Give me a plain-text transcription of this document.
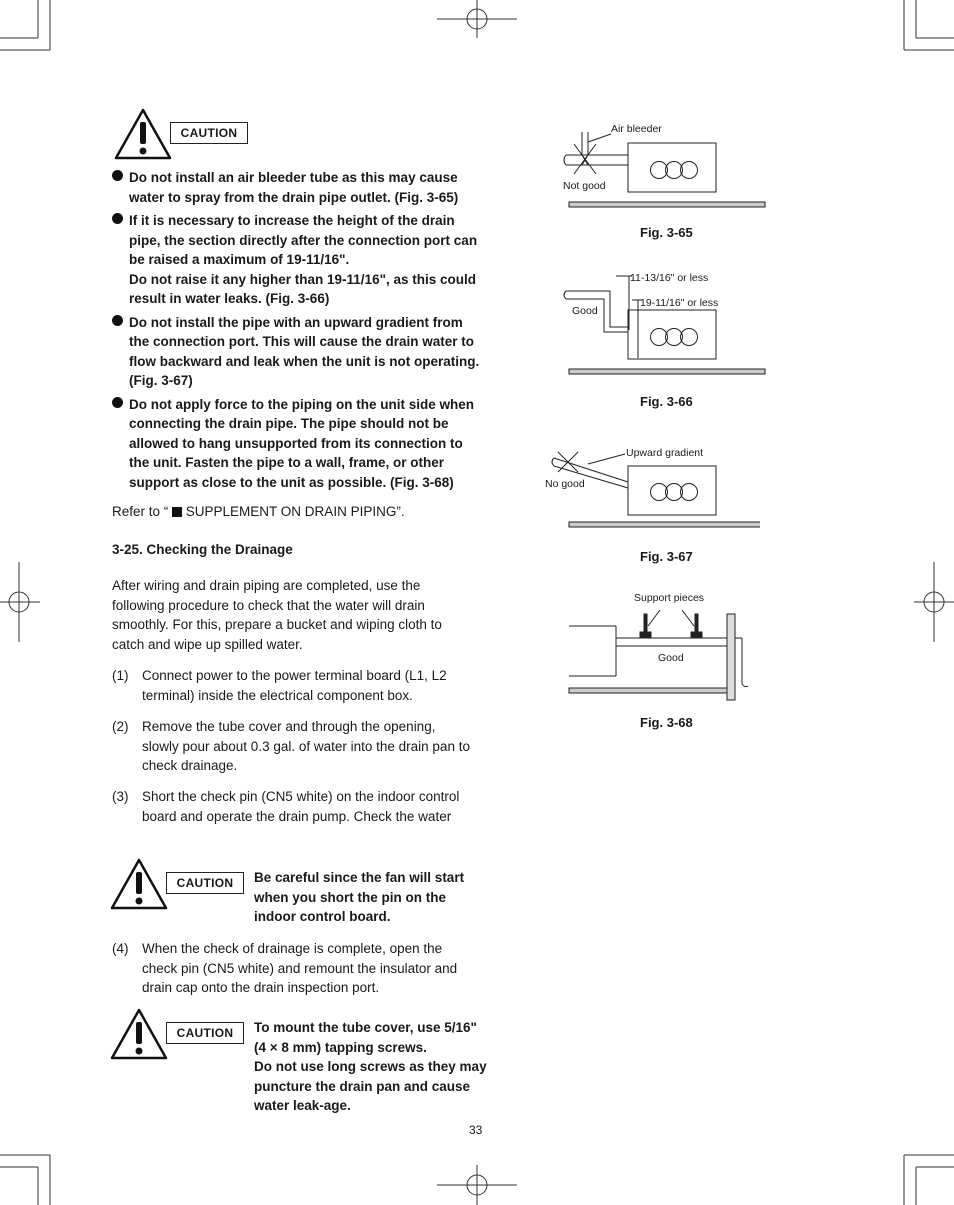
CAUTION

Do not install an air bleeder tube as this may cause water to spray from the drain pipe outlet. (Fig. 3-65)

If it is necessary to increase the height of the drain pipe, the section directly after the connection port can be raised a maximum of 19-11/16".

Do not raise it any higher than 19-11/16", as this could result in water leaks. (Fig. 3-66)

Do not install the pipe with an upward gradient from the connection port. This will cause the drain water to flow backward and leak when the unit is not operating. (Fig. 3-67)

Do not apply force to the piping on the unit side when connecting the drain pipe. The pipe should not be allowed to hang unsupported from its connection to the unit. Fasten the pipe to a wall, frame, or other support as close to the unit as possible. (Fig. 3-68)

Refer to “  SUPPLEMENT ON DRAIN PIPING”.
3-25. Checking the Drainage
After wiring and drain piping are completed, use the following procedure to check that the water will drain smoothly. For this, prepare a bucket and wiping cloth to catch and wipe up spilled water.
(1) Connect power to the power terminal board (L1, L2 terminal) inside the electrical component box.
(2) Remove the tube cover and through the opening, slowly pour about 0.3 gal. of water into the drain pan to check drainage.
(3) Short the check pin (CN5 white) on the indoor control board and operate the drain pump. Check the water
CAUTION	Be careful since the fan will start when you short the pin on the indoor control board.
(4) When the check of drainage is complete, open the check pin (CN5 white) and remount the insulator and drain cap onto the drain inspection port.
CAUTION	To mount the tube cover, use 5/16" (4 × 8 mm) tapping screws.
Do not use long screws as they may puncture the drain pan and cause water leak-age.
33
Air bleeder
Not good
Fig. 3-65
11-13/16" or less
19-11/16" or less
Good
Fig. 3-66
Upward gradient
No good
Fig. 3-67
Support pieces
Good
Fig. 3-68
